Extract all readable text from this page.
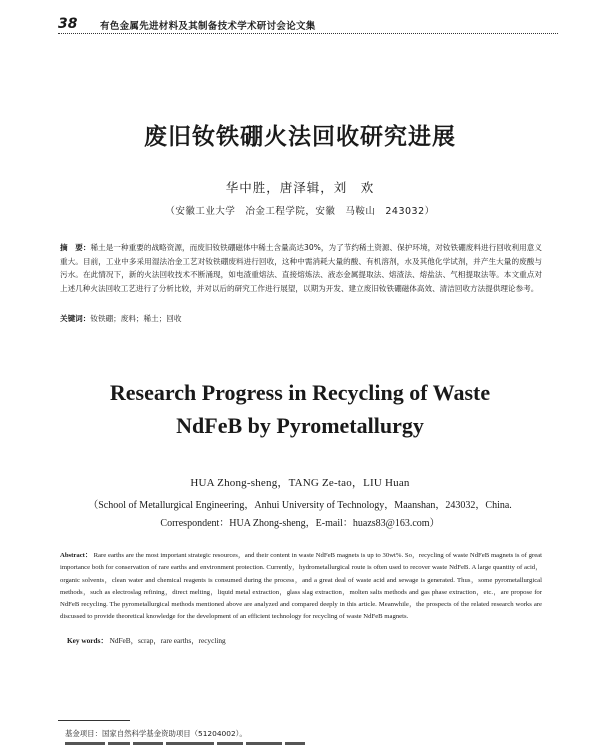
38	有色金属先进材料及其制备技术学术研讨会论文集
废旧钕铁硼火法回收研究进展
华中胜，唐泽辑，刘　欢
（安徽工业大学　冶金工程学院，安徽　马鞍山　243032）
摘　要：稀土是一种重要的战略资源，而废旧钕铁硼磁体中稀土含量高达30%，为了节约稀土资源、保护环境，对钕铁硼废料进行回收利用意义重大。目前，工业中多采用湿法冶金工艺对钕铁硼废料进行回收，这种中需消耗大量的酸、有机溶剂，水及其他化学试剂，并产生大量的废酸与污水。在此情况下，新的火法回收技术不断涌现，如电渣重熔法、直接熔炼法、液态金属提取法、熔渣法、熔盐法、气相提取法等。本文重点对上述几种火法回收工艺进行了分析比较，并对以后的研究工作进行展望，以期为开发、建立废旧钕铁硼磁体高效、清洁回收方法提供理论参考。
关键词：钕铁硼；废料；稀土；回收
Research Progress in Recycling of Waste
NdFeB by Pyrometallurgy
HUA Zhong-sheng，TANG Ze-tao，LIU Huan
（School of Metallurgical Engineering，Anhui University of Technology，Maanshan，243032，China.
Correspondent：HUA Zhong-sheng，E-mail：huazs83@163.com）
Abstract： Rare earths are the most important strategic resources，and their content in waste NdFeB magnets is up to 30wt%. So，recycling of waste NdFeB magnets is of great importance both for conservation of rare earths and environment protection. Currently，hydrometallurgical route is often used to recover waste NdFeB. A large quantity of acid，organic solvents，clean water and chemical reagents is consumed during the process，and a great deal of waste acid and sewage is generated. Thus，some pyrometallurgical methods，such as electroslag refining，direct melting，liquid metal extraction，glass slag extraction，molten salts methods and gas phase extraction，etc.，are propose for NdFeB recycling. The pyrometallurgical methods mentioned above are analyzed and compared deeply in this article. Meanwhile，the prospects of the related research works are discussed to provide theoretical knowledge for the development of an efficient technology for recycling of waste NdFeB magnets.
Key words： NdFeB，scrap，rare earths，recycling
基金项目：国家自然科学基金资助项目（51204002）。
